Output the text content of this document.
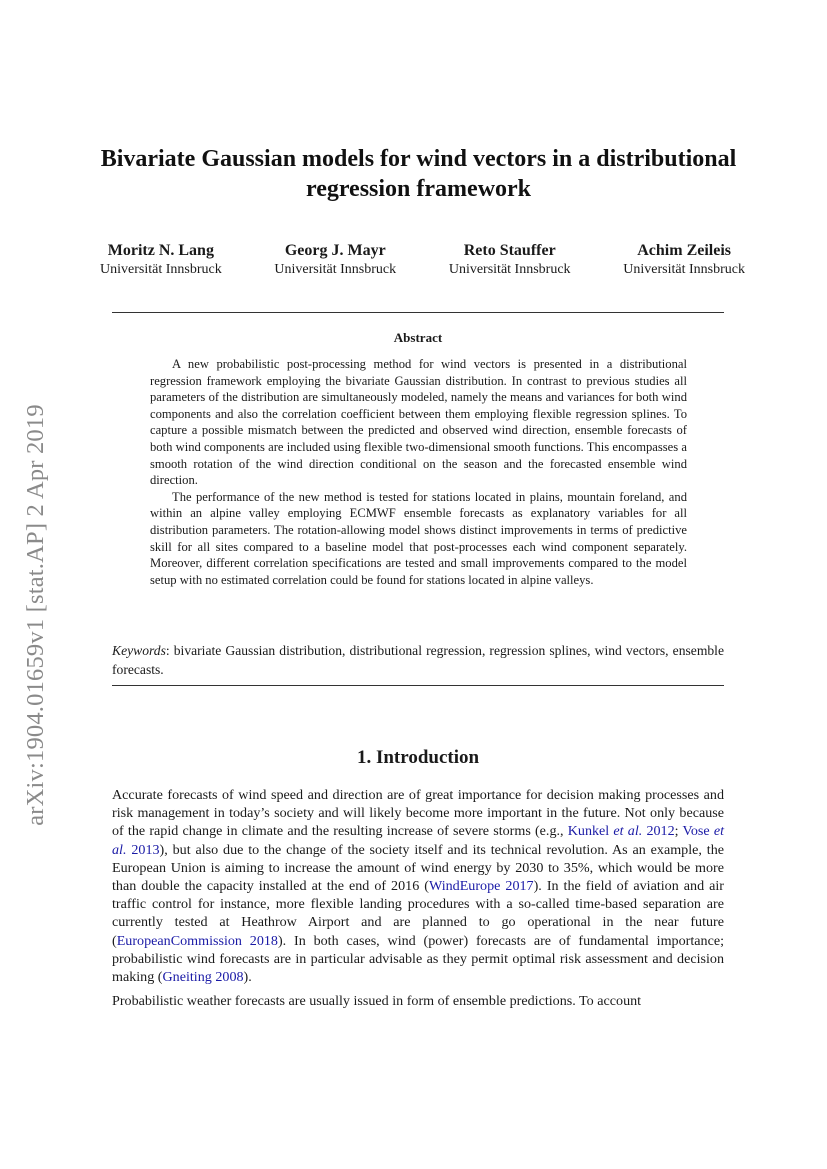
arXiv:1904.01659v1 [stat.AP] 2 Apr 2019
Bivariate Gaussian models for wind vectors in a distributional regression framework
Moritz N. Lang
Universität Innsbruck
Georg J. Mayr
Universität Innsbruck
Reto Stauffer
Universität Innsbruck
Achim Zeileis
Universität Innsbruck
Abstract

A new probabilistic post-processing method for wind vectors is presented in a distributional regression framework employing the bivariate Gaussian distribution. In contrast to previous studies all parameters of the distribution are simultaneously modeled, namely the means and variances for both wind components and also the correlation coefficient between them employing flexible regression splines. To capture a possible mismatch between the predicted and observed wind direction, ensemble forecasts of both wind components are included using flexible two-dimensional smooth functions. This encompasses a smooth rotation of the wind direction conditional on the season and the forecasted ensemble wind direction.

The performance of the new method is tested for stations located in plains, mountain foreland, and within an alpine valley employing ECMWF ensemble forecasts as explanatory variables for all distribution parameters. The rotation-allowing model shows distinct improvements in terms of predictive skill for all sites compared to a baseline model that post-processes each wind component separately. Moreover, different correlation specifications are tested and small improvements compared to the model setup with no estimated correlation could be found for stations located in alpine valleys.

Keywords: bivariate Gaussian distribution, distributional regression, regression splines, wind vectors, ensemble forecasts.
1. Introduction

Accurate forecasts of wind speed and direction are of great importance for decision making processes and risk management in today’s society and will likely become more important in the future. Not only because of the rapid change in climate and the resulting increase of severe storms (e.g., Kunkel et al. 2012; Vose et al. 2013), but also due to the change of the society itself and its technical revolution. As an example, the European Union is aiming to increase the amount of wind energy by 2030 to 35%, which would be more than double the capacity installed at the end of 2016 (WindEurope 2017). In the field of aviation and air traffic control for instance, more flexible landing procedures with a so-called time-based separation are currently tested at Heathrow Airport and are planned to go operational in the near future (EuropeanCommission 2018). In both cases, wind (power) forecasts are of fundamental importance; probabilistic wind forecasts are in particular advisable as they permit optimal risk assessment and decision making (Gneiting 2008).

Probabilistic weather forecasts are usually issued in form of ensemble predictions. To account
